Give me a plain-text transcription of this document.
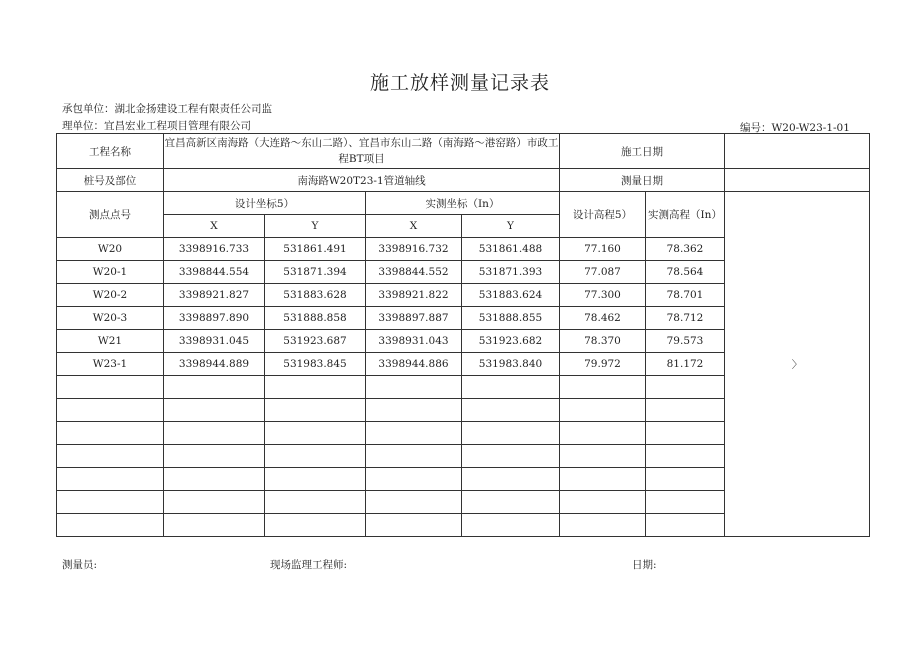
施工放样测量记录表
承包单位：湖北金扬建设工程有限责任公司监
理单位：宜昌宏业工程项目管理有限公司	编号：W20-W23-1-01
工程名称	宜昌高新区南海路（大连路～东山二路）、宜昌市东山二路（南海路～港窑路）市政工程BT项目				施工日期		
桩号及部位	南海路W20T23-1管道轴线				测量日期		
测点点号	设计坐标5）		实测坐标（In）		设计高程5）	实测高程（In）	〉
	X	Y	X	Y			
W20	3398916.733	531861.491	3398916.732	531861.488	77.160	78.362	
W20-1	3398844.554	531871.394	3398844.552	531871.393	77.087	78.564	
W20-2	3398921.827	531883.628	3398921.822	531883.624	77.300	78.701	
W20-3	3398897.890	531888.858	3398897.887	531888.855	78.462	78.712	
W21	3398931.045	531923.687	3398931.043	531923.682	78.370	79.573	
W23-1	3398944.889	531983.845	3398944.886	531983.840	79.972	81.172	

测量员:	现场监理工程师:	日期:
